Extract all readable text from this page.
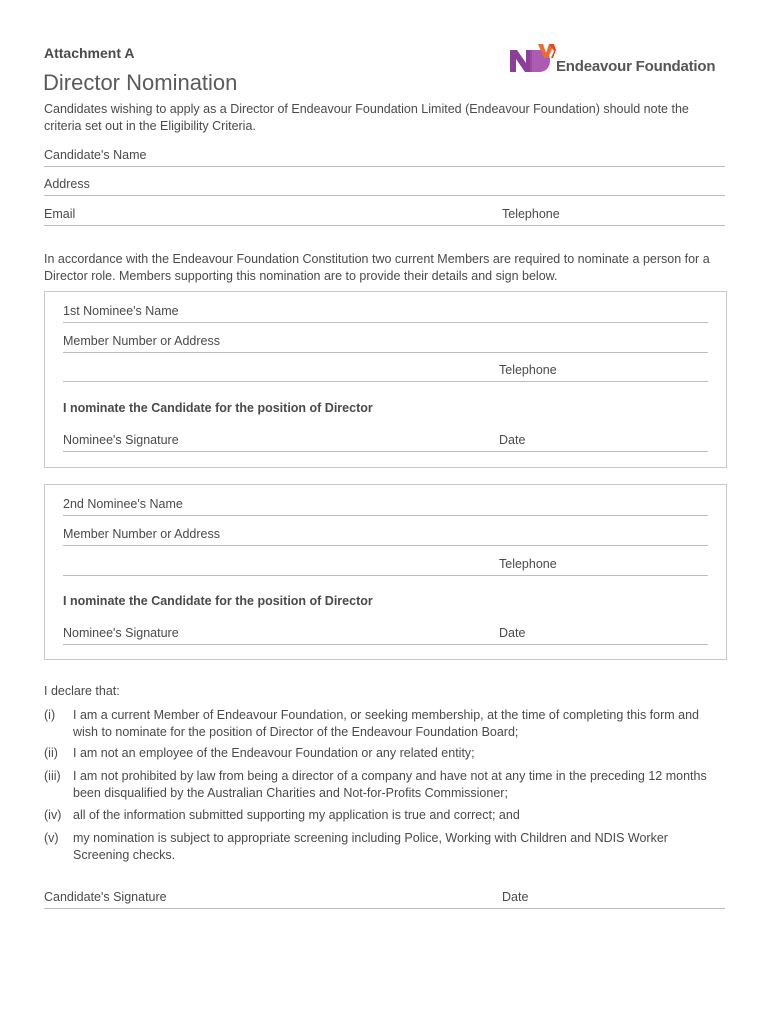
Attachment A
Director Nomination
Endeavour Foundation

Candidates wishing to apply as a Director of Endeavour Foundation Limited (Endeavour Foundation) should note the criteria set out in the Eligibility Criteria.

Candidate's Name
Address
Email	Telephone

In accordance with the Endeavour Foundation Constitution two current Members are required to nominate a person for a Director role. Members supporting this nomination are to provide their details and sign below.

1st Nominee's Name
Member Number or Address
Telephone
I nominate the Candidate for the position of Director
Nominee's Signature	Date
2nd Nominee's Name
Member Number or Address
Telephone
I nominate the Candidate for the position of Director
Nominee's Signature	Date
I declare that:
(i)	I am a current Member of Endeavour Foundation, or seeking membership, at the time of completing this form and wish to nominate for the position of Director of the Endeavour Foundation Board;
(ii)	I am not an employee of the Endeavour Foundation or any related entity;
(iii) I am not prohibited by law from being a director of a company and have not at any time in the preceding 12 months been disqualified by the Australian Charities and Not-for-Profits Commissioner;
(iv) all of the information submitted supporting my application is true and correct; and
(v)	my nomination is subject to appropriate screening including Police, Working with Children and NDIS Worker Screening checks.
Candidate's Signature	Date
